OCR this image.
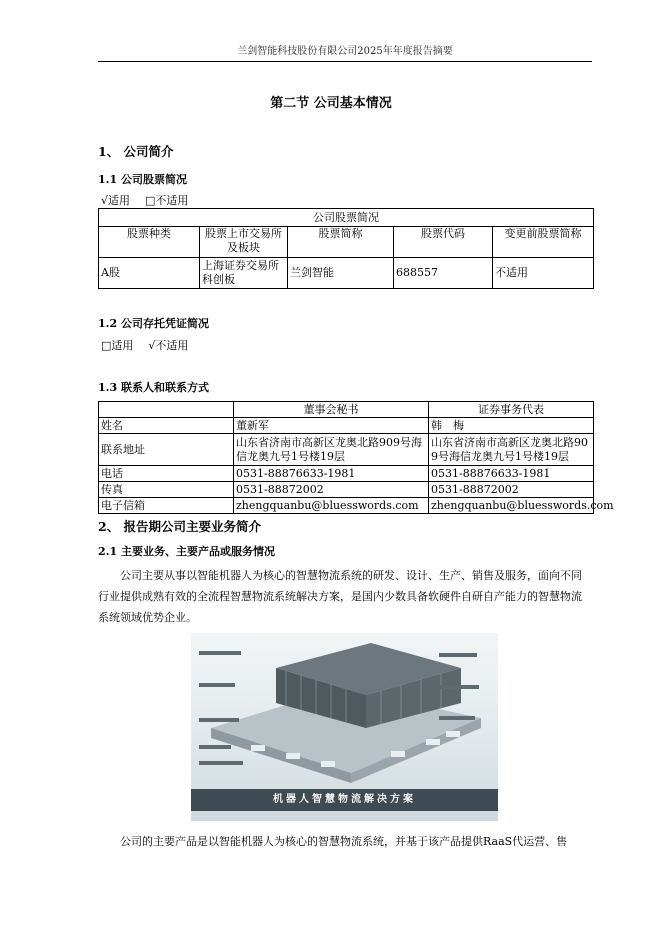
兰剑智能科技股份有限公司2025年年度报告摘要
第二节 公司基本情况
1、 公司简介
1.1 公司股票简况
√适用 □不适用
公司股票简况				
股票种类	股票上市交易所及板块	股票简称	股票代码	变更前股票简称
A股	上海证券交易所科创板	兰剑智能	688557	不适用
1.2 公司存托凭证简况
□适用 √不适用
1.3 联系人和联系方式
	董事会秘书	证券事务代表
姓名	董新军	韩　梅
联系地址	山东省济南市高新区龙奥北路909号海信龙奥九号1号楼19层	山东省济南市高新区龙奥北路909号海信龙奥九号1号楼19层
电话	0531-88876633-1981	0531-88876633-1981
传真	0531-88872002	0531-88872002
电子信箱	zhengquanbu@bluesswords.com	zhengquanbu@bluesswords.com
2、 报告期公司主要业务简介
2.1 主要业务、主要产品或服务情况
公司主要从事以智能机器人为核心的智慧物流系统的研发、设计、生产、销售及服务，面向不同行业提供成熟有效的全流程智慧物流系统解决方案，是国内少数具备软硬件自研自产能力的智慧物流系统领域优势企业。
机器人智慧物流解决方案
公司的主要产品是以智能机器人为核心的智慧物流系统，并基于该产品提供RaaS代运营、售
